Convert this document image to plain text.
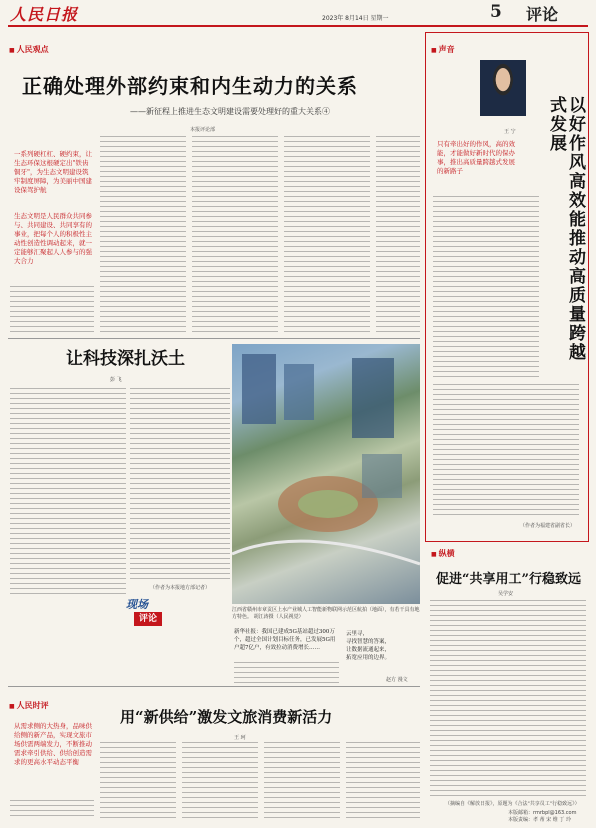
人民日报	2023年 8月14日 星期一	5 评论
■ 人民观点
正确处理外部约束和内生动力的关系
——新征程上推进生态文明建设需要处理好的重大关系④
本报评论部
一系列硬杠杠、硬约束，让生态环保这根硬定出"铁齿铜牙"，为生态文明建设筑牢制度屏障，为美丽中国建设保驾护航
生态文明是人民群众共同参与、共同建设、共同享有的事业，把每个人的积极性主动性创造性调动起来，就一定能够汇聚起人人参与的强大合力
让科技深扎沃土
彭 飞
（作者为本报地方部记者）
江西省赣州市章贡区上水产业城人工智能新物联网示范区航拍（地面），有若干具有地方特色。 胡江涛摄（人民视觉）
现场
评论
新华社报：我国已建成5G基站超过300万个，超过全国计划目标任务，已发展5G用户超7亿户，有效拉动消费增长……
云里寻，
寻找智慧的答案，
让数据流通起来，
拓宽应用的边界。
赵方 漫文
■ 声音
王 宁
只有牵出好的作风，高的效能，才能做好新时代的保办事，推出高质量跨越式发展的新路子	以好作风高效能推动高质量跨越式发展
（作者为福建省副省长）
■ 纵横
促进“共享用工”行稳致远
吴学安
（摘编自《解放日报》，原题为《合法"共享员工"行稳致远》）
■ 人民时评
用“新供给”激发文旅消费新活力
王 珂
从需求侧的大热身，品味供给侧的新产品，实现文旅市场供需两端发力，不断推动需求牵引供给、供给创造需求的更高水平动态平衡
本版邮箱：rmrbpl@163.com
本版责编：孝 蒂 宋 维 丁 玲
